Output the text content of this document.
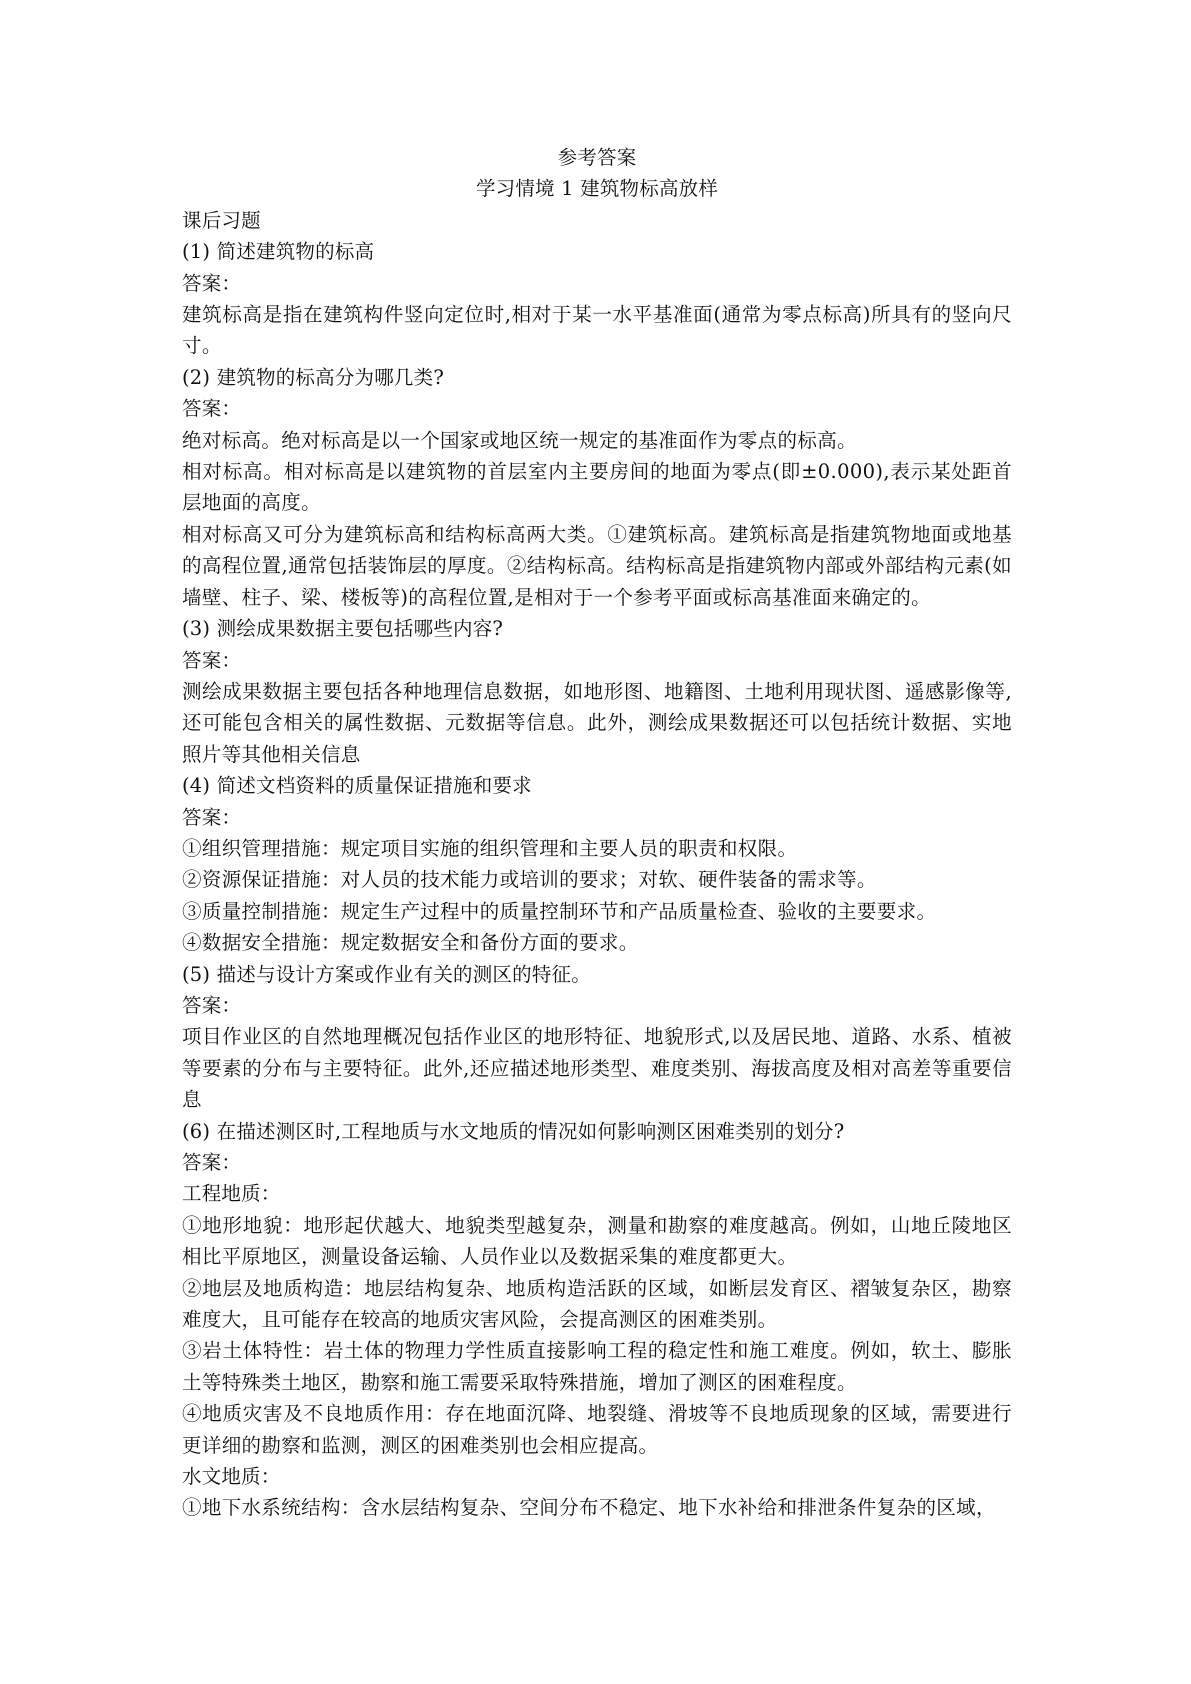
参考答案

学习情境 1 建筑物标高放样

课后习题

(1) 简述建筑物的标高

答案：

建筑标高是指在建筑构件竖向定位时,相对于某一水平基准面(通常为零点标高)所具有的竖向尺寸。

(2) 建筑物的标高分为哪几类?

答案：

绝对标高。绝对标高是以一个国家或地区统一规定的基准面作为零点的标高。

相对标高。相对标高是以建筑物的首层室内主要房间的地面为零点(即±0.000),表示某处距首层地面的高度。

相对标高又可分为建筑标高和结构标高两大类。①建筑标高。建筑标高是指建筑物地面或地基的高程位置,通常包括装饰层的厚度。②结构标高。结构标高是指建筑物内部或外部结构元素(如墙壁、柱子、梁、楼板等)的高程位置,是相对于一个参考平面或标高基准面来确定的。

(3) 测绘成果数据主要包括哪些内容?

答案：

测绘成果数据主要包括各种地理信息数据，如地形图、地籍图、土地利用现状图、遥感影像等,还可能包含相关的属性数据、元数据等信息。此外，测绘成果数据还可以包括统计数据、实地照片等其他相关信息

(4) 简述文档资料的质量保证措施和要求

答案：

①组织管理措施：规定项目实施的组织管理和主要人员的职责和权限。

②资源保证措施：对人员的技术能力或培训的要求；对软、硬件装备的需求等。

③质量控制措施：规定生产过程中的质量控制环节和产品质量检查、验收的主要要求。

④数据安全措施：规定数据安全和备份方面的要求。

(5) 描述与设计方案或作业有关的测区的特征。

答案：

项目作业区的自然地理概况包括作业区的地形特征、地貌形式,以及居民地、道路、水系、植被等要素的分布与主要特征。此外,还应描述地形类型、难度类别、海拔高度及相对高差等重要信息

(6) 在描述测区时,工程地质与水文地质的情况如何影响测区困难类别的划分?

答案：

工程地质：

①地形地貌：地形起伏越大、地貌类型越复杂，测量和勘察的难度越高。例如，山地丘陵地区相比平原地区，测量设备运输、人员作业以及数据采集的难度都更大。

②地层及地质构造：地层结构复杂、地质构造活跃的区域，如断层发育区、褶皱复杂区，勘察难度大，且可能存在较高的地质灾害风险，会提高测区的困难类别。

③岩土体特性：岩土体的物理力学性质直接影响工程的稳定性和施工难度。例如，软土、膨胀土等特殊类土地区，勘察和施工需要采取特殊措施，增加了测区的困难程度。

④地质灾害及不良地质作用：存在地面沉降、地裂缝、滑坡等不良地质现象的区域，需要进行更详细的勘察和监测，测区的困难类别也会相应提高。

水文地质：

①地下水系统结构：含水层结构复杂、空间分布不稳定、地下水补给和排泄条件复杂的区域，
